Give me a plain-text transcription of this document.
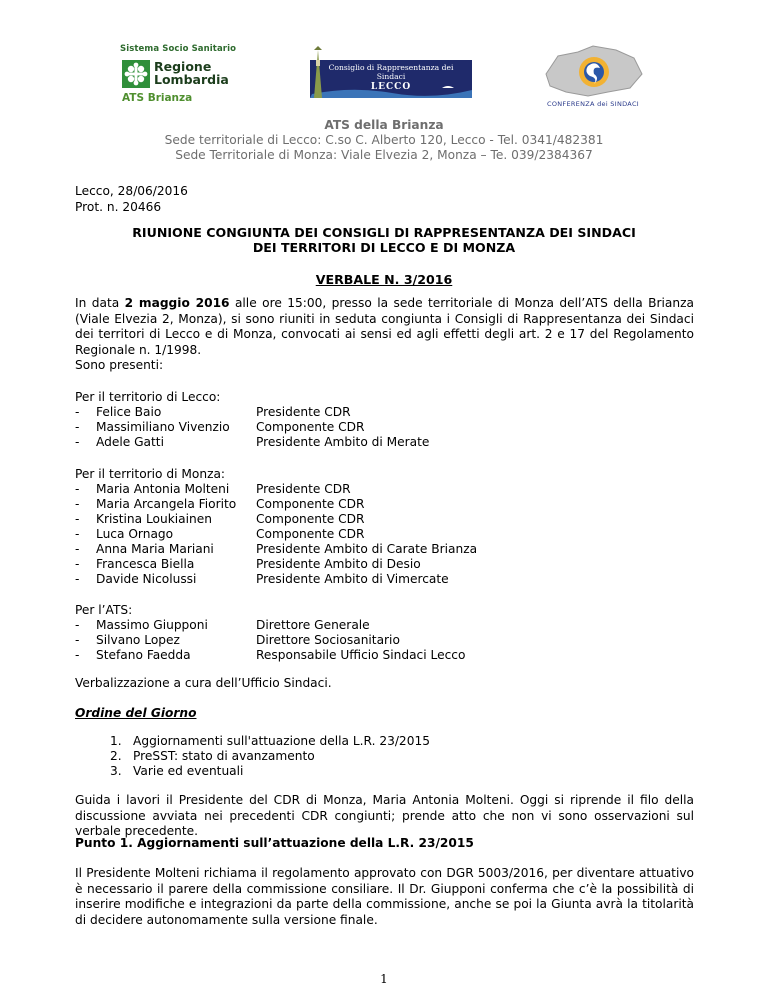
Sistema Socio Sanitario
Regione
Lombardia
ATS Brianza
Consiglio di Rappresentanza dei Sindaci
LECCO
CONFERENZA dei SINDACI
ATS della Brianza
Sede territoriale di Lecco: C.so C. Alberto 120, Lecco - Tel. 0341/482381
Sede Territoriale di Monza: Viale Elvezia 2, Monza – Te. 039/2384367
Lecco, 28/06/2016
Prot. n. 20466
RIUNIONE CONGIUNTA DEI CONSIGLI DI RAPPRESENTANZA DEI SINDACI
DEI TERRITORI DI LECCO E DI MONZA
VERBALE N. 3/2016

In data 2 maggio 2016 alle ore 15:00, presso la sede territoriale di Monza dell’ATS della Brianza (Viale Elvezia 2, Monza), si sono riuniti in seduta congiunta i Consigli di Rappresentanza dei Sindaci dei territori di Lecco e di Monza, convocati ai sensi ed agli effetti degli art. 2 e 17 del Regolamento Regionale n. 1/1998.

Sono presenti:
Per il territorio di Lecco:
- Felice Baio	Presidente CDR
- Massimiliano Vivenzio Componente CDR
- Adele Gatti	Presidente Ambito di Merate
Per il territorio di Monza:
- Maria Antonia Molteni Presidente CDR
- Maria Arcangela Fiorito Componente CDR
- Kristina Loukiainen	Componente CDR
- Luca Ornago	Componente CDR
- Anna Maria Mariani	Presidente Ambito di Carate Brianza
- Francesca Biella	Presidente Ambito di Desio
- Davide Nicolussi	Presidente Ambito di Vimercate
Per l’ATS:
- Massimo Giupponi	Direttore Generale
- Silvano Lopez	Direttore Sociosanitario
- Stefano Faedda	Responsabile Ufficio Sindaci Lecco
Verbalizzazione a cura dell’Ufficio Sindaci.
Ordine del Giorno
1. Aggiornamenti sull'attuazione della L.R. 23/2015
2. PreSST: stato di avanzamento
3. Varie ed eventuali

Guida i lavori il Presidente del CDR di Monza, Maria Antonia Molteni. Oggi si riprende il filo della discussione avviata nei precedenti CDR congiunti; prende atto che non vi sono osservazioni sul verbale precedente.

Punto 1. Aggiornamenti sull’attuazione della L.R. 23/2015

Il Presidente Molteni richiama il regolamento approvato con DGR 5003/2016, per diventare attuativo è necessario il parere della commissione consiliare. Il Dr. Giupponi conferma che c’è la possibilità di inserire modifiche e integrazioni da parte della commissione, anche se poi la Giunta avrà la titolarità di decidere autonomamente sulla versione finale.

1
